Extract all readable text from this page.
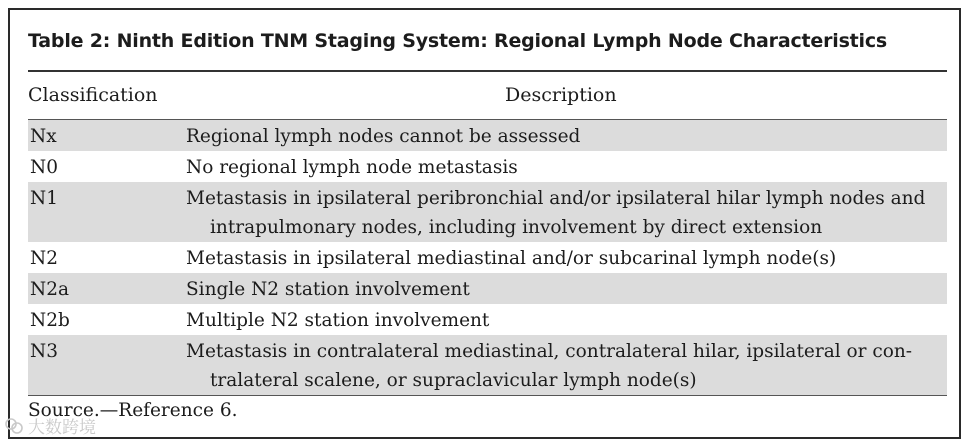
Table 2: Ninth Edition TNM Staging System: Regional Lymph Node Characteristics
Classification	Description
Nx	Regional lymph nodes cannot be assessed
N0	No regional lymph node metastasis
N1	Metastasis in ipsilateral peribronchial and/or ipsilateral hilar lymph nodes and
intrapulmonary nodes, including involvement by direct extension
N2	Metastasis in ipsilateral mediastinal and/or subcarinal lymph node(s)
N2a	Single N2 station involvement
N2b	Multiple N2 station involvement
N3	Metastasis in contralateral mediastinal, contralateral hilar, ipsilateral or con-
tralateral scalene, or supraclavicular lymph node(s)
Source.—Reference 6.
大数跨境
